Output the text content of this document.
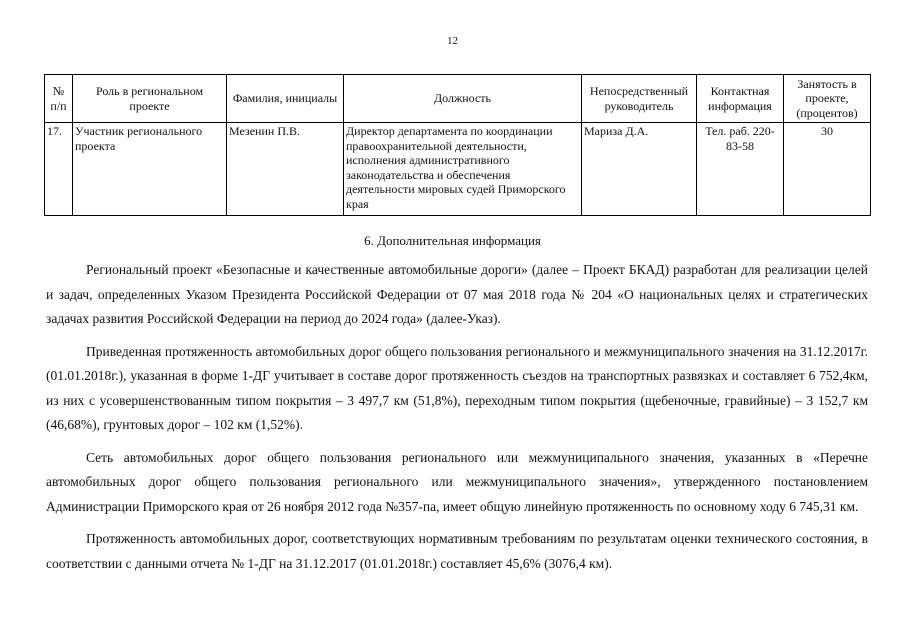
12
№ п/п	Роль в региональном проекте	Фамилия, инициалы	Должность	Непосредственный руководитель	Контактная информация	Занятость в проекте, (процентов)
17.	Участник регионального проекта	Мезенин П.В.	Директор департамента по координации правоохранительной деятельности, исполнения административного законодательства и обеспечения деятельности мировых судей Приморского края	Мариза Д.А.	Тел. раб. 220-83-58	30
6. Дополнительная информация

Региональный проект «Безопасные и качественные автомобильные дороги» (далее – Проект БКАД) разработан для реализации целей и задач, определенных Указом Президента Российской Федерации от 07 мая 2018 года № 204 «О национальных целях и стратегических задачах развития Российской Федерации на период до 2024 года» (далее-Указ).

Приведенная протяженность автомобильных дорог общего пользования регионального и межмуниципального значения на 31.12.2017г. (01.01.2018г.), указанная в форме 1-ДГ учитывает в составе дорог протяженность съездов на транспортных развязках и составляет 6 752,4км, из них с усовершенствованным типом покрытия – 3 497,7 км (51,8%), переходным типом покрытия (щебеночные, гравийные) – 3 152,7 км (46,68%), грунтовых дорог – 102 км (1,52%).

Сеть автомобильных дорог общего пользования регионального или межмуниципального значения, указанных в «Перечне автомобильных дорог общего пользования регионального или межмуниципального значения», утвержденного постановлением Администрации Приморского края от 26 ноября 2012 года №357-па, имеет общую линейную протяженность по основному ходу 6 745,31 км.

Протяженность автомобильных дорог, соответствующих нормативным требованиям по результатам оценки технического состояния, в соответствии с данными отчета № 1-ДГ на 31.12.2017 (01.01.2018г.) составляет 45,6% (3076,4 км).
